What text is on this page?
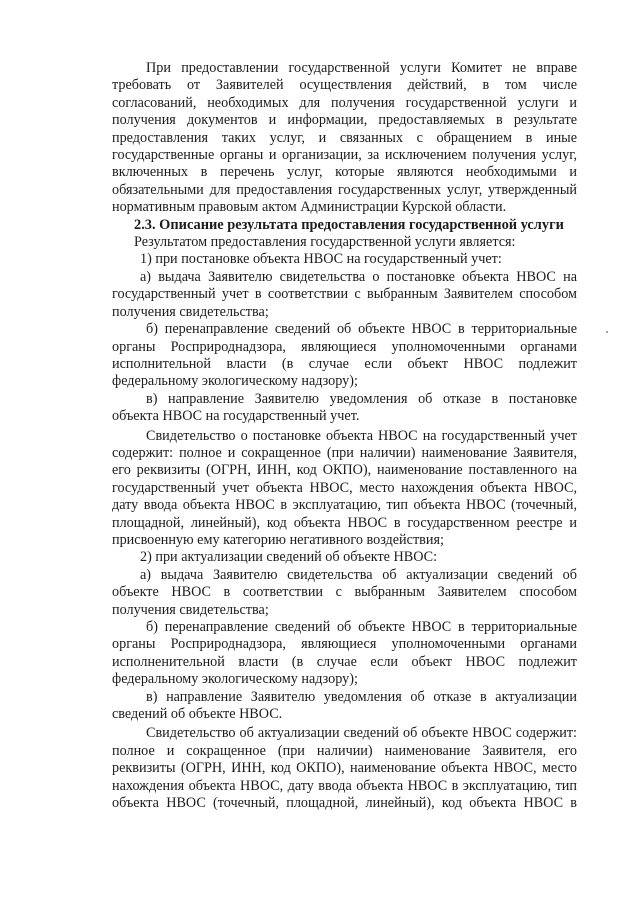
При предоставлении государственной услуги Комитет не вправе требовать от Заявителей осуществления действий, в том числе согласований, необходимых для получения государственной услуги и получения документов и информации, предоставляемых в результате предоставления таких услуг, и связанных с обращением в иные государственные органы и организации, за исключением получения услуг, включенных в перечень услуг, которые являются необходимыми и обязательными для предоставления государственных услуг, утвержденный нормативным правовым актом Администрации Курской области.

2.3. Описание результата предоставления государственной услуги

Результатом предоставления государственной услуги является:

1) при постановке объекта НВОС на государственный учет:

а) выдача Заявителю свидетельства о постановке объекта НВОС на государственный учет в соответствии с выбранным Заявителем способом получения свидетельства;

б) перенаправление сведений об объекте НВОС в территориальные органы Росприроднадзора, являющиеся уполномоченными органами исполнительной власти (в случае если объект НВОС подлежит федеральному экологическому надзору);

в) направление Заявителю уведомления об отказе в постановке объекта НВОС на государственный учет.

Свидетельство о постановке объекта НВОС на государственный учет содержит: полное и сокращенное (при наличии) наименование Заявителя, его реквизиты (ОГРН, ИНН, код ОКПО), наименование поставленного на государственный учет объекта НВОС, место нахождения объекта НВОС, дату ввода объекта НВОС в эксплуатацию, тип объекта НВОС (точечный, площадной, линейный), код объекта НВОС в государственном реестре и присвоенную ему категорию негативного воздействия;

2) при актуализации сведений об объекте НВОС:

а) выдача Заявителю свидетельства об актуализации сведений об объекте НВОС в соответствии с выбранным Заявителем способом получения свидетельства;

б) перенаправление сведений об объекте НВОС в территориальные органы Росприроднадзора, являющиеся уполномоченными органами исполненительной власти (в случае если объект НВОС подлежит федеральному экологическому надзору);

в) направление Заявителю уведомления об отказе в актуализации сведений об объекте НВОС.

Свидетельство об актуализации сведений об объекте НВОС содержит: полное и сокращенное (при наличии) наименование Заявителя, его реквизиты (ОГРН, ИНН, код ОКПО), наименование объекта НВОС, место нахождения объекта НВОС, дату ввода объекта НВОС в эксплуатацию, тип объекта НВОС (точечный, площадной, линейный), код объекта НВОС в
